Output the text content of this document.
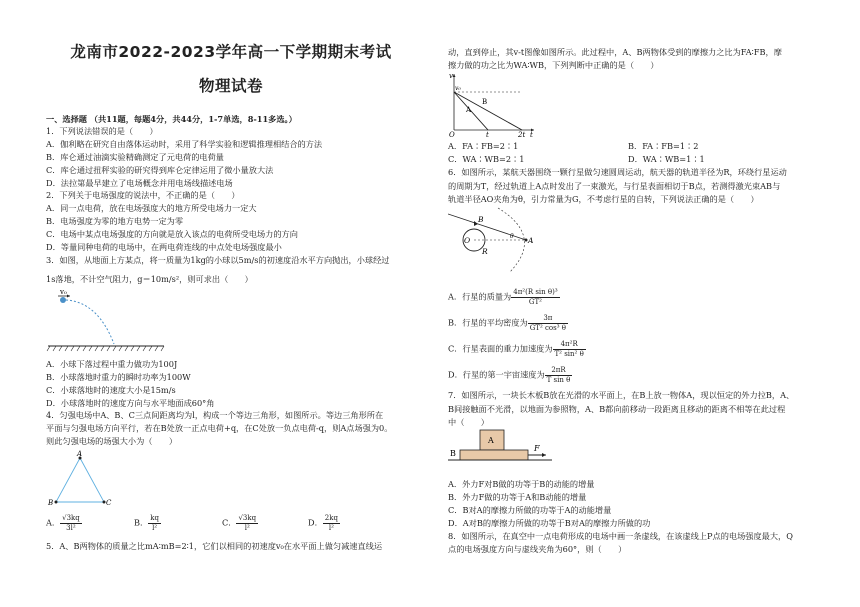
龙南市2022-2023学年高一下学期期末考试
物理试卷
一、选择题 （共11题，每题4分，共44分，1-7单选，8-11多选。）
1．下列说法错误的是（　　）
A．伽利略在研究自由落体运动时，采用了科学实验和逻辑推理相结合的方法
B．库仑通过油滴实验精确测定了元电荷的电荷量
C．库仑通过扭秤实验的研究得到库仑定律运用了微小量放大法
D．法拉第最早建立了电场概念并用电场线描述电场
2．下列关于电场强度的说法中，不正确的是（　　）
A．同一点电荷，放在电场强度大的地方所受电场力一定大
B．电场强度为零的地方电势一定为零
C．电场中某点电场强度的方向就是放入该点的电荷所受电场力的方向
D．等量同种电荷的电场中，在两电荷连线的中点处电场强度最小
3．如图，从地面上方某点，将一质量为1kg的小球以5m/s的初速度沿水平方向抛出，小球经过
1s落地，不计空气阻力，g＝10m/s²，则可求出（　　）
v₀
A．小球下落过程中重力做功为100J
B．小球落地时重力的瞬时功率为100W
C．小球落地时的速度大小是15m/s
D．小球落地时的速度方向与水平地面成60°角
4．匀强电场中A、B、C三点间距离均为l，构成一个等边三角形，如图所示。等边三角形所在
平面与匀强电场方向平行，若在B处放一正点电荷+q，在C处放一负点电荷-q，则A点场强为0。
则此匀强电场的场强大小为（　　）
A
B	C
A． $\frac{√3kq}{\text{3l²}}$	B． $\frac{kq}{\text{l²}}$	C． $\frac{√3kq}{\text{l²}}$	D． $\frac{2kq}{\text{l²}}$
5．A、B两物体的质量之比mA∶mB=2∶1，它们以相同的初速度v₀在水平面上做匀减速直线运
动，直到停止，其v-t图像如图所示。此过程中，A、B两物体受到的摩擦力之比为FA∶FB，摩
擦力做的功之比为WA∶WB，下列判断中正确的是（　　）
v
v₀
A
B
O	t	2t t
A．FA∶FB=2∶1	B．FA∶FB=1∶2
C．WA∶WB=2∶1	D．WA∶WB=1∶1
6．如图所示，某航天器围绕一颗行星做匀速圆周运动，航天器的轨道半径为R，环绕行星运动
的周期为T，经过轨道上A点时发出了一束激光，与行星表面相切于B点，若测得激光束AB与
轨道半径AO夹角为θ，引力常量为G，不考虑行星的自转，下列说法正确的是（　　）
B
O
R
θ A
A．行星的质量为 $\frac{\text{4π²(R sin θ)³}}{\text{GT²}}$
B．行星的平均密度为 $\frac{3\pi}{\text{GT² cos³ θ}}$
C．行星表面的重力加速度为 $\frac{\text{4π²R}}{\text{T² sin² θ}}$
D．行星的第一宇宙速度为 $\frac{2\pi R}{\text{T sin θ}}$
7．如图所示，一块长木板B放在光滑的水平面上，在B上放一物体A，现以恒定的外力拉B，A、
B间接触面不光滑，以地面为参照物，A、B都向前移动一段距离且移动的距离不相等在此过程
中（　　）
A
B
F
A．外力F对B做的功等于B的动能的增量
B．外力F做的功等于A和B动能的增量
C．B对A的摩擦力所做的功等于A的动能增量
D．A对B的摩擦力所做的功等于B对A的摩擦力所做的功
8．如图所示，在真空中一点电荷形成的电场中画一条虚线，在该虚线上P点的电场强度最大，Q
点的电场强度方向与虚线夹角为60°，则（　　）
